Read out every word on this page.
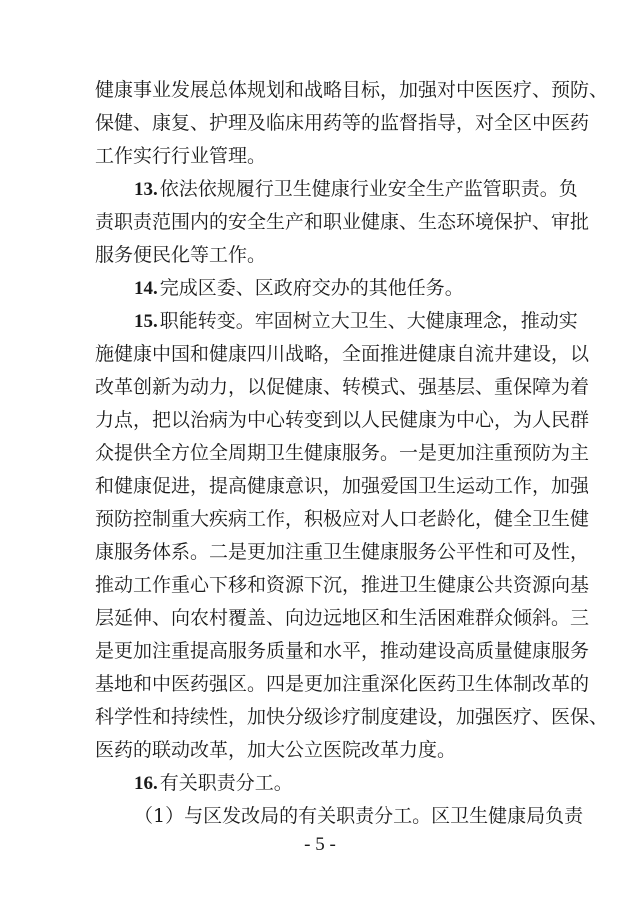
健康事业发展总体规划和战略目标，加强对中医医疗、预防、
保健、康复、护理及临床用药等的监督指导，对全区中医药
工作实行行业管理。
13. 依法依规履行卫生健康行业安全生产监管职责。负
责职责范围内的安全生产和职业健康、生态环境保护、审批
服务便民化等工作。
14. 完成区委、区政府交办的其他任务。
15. 职能转变。牢固树立大卫生、大健康理念，推动实
施健康中国和健康四川战略，全面推进健康自流井建设，以
改革创新为动力，以促健康、转模式、强基层、重保障为着
力点，把以治病为中心转变到以人民健康为中心，为人民群
众提供全方位全周期卫生健康服务。一是更加注重预防为主
和健康促进，提高健康意识，加强爱国卫生运动工作，加强
预防控制重大疾病工作，积极应对人口老龄化，健全卫生健
康服务体系。二是更加注重卫生健康服务公平性和可及性，
推动工作重心下移和资源下沉，推进卫生健康公共资源向基
层延伸、向农村覆盖、向边远地区和生活困难群众倾斜。三
是更加注重提高服务质量和水平，推动建设高质量健康服务
基地和中医药强区。四是更加注重深化医药卫生体制改革的
科学性和持续性，加快分级诊疗制度建设，加强医疗、医保、
医药的联动改革，加大公立医院改革力度。
16. 有关职责分工。
（1）与区发改局的有关职责分工。区卫生健康局负责
- 5 -
